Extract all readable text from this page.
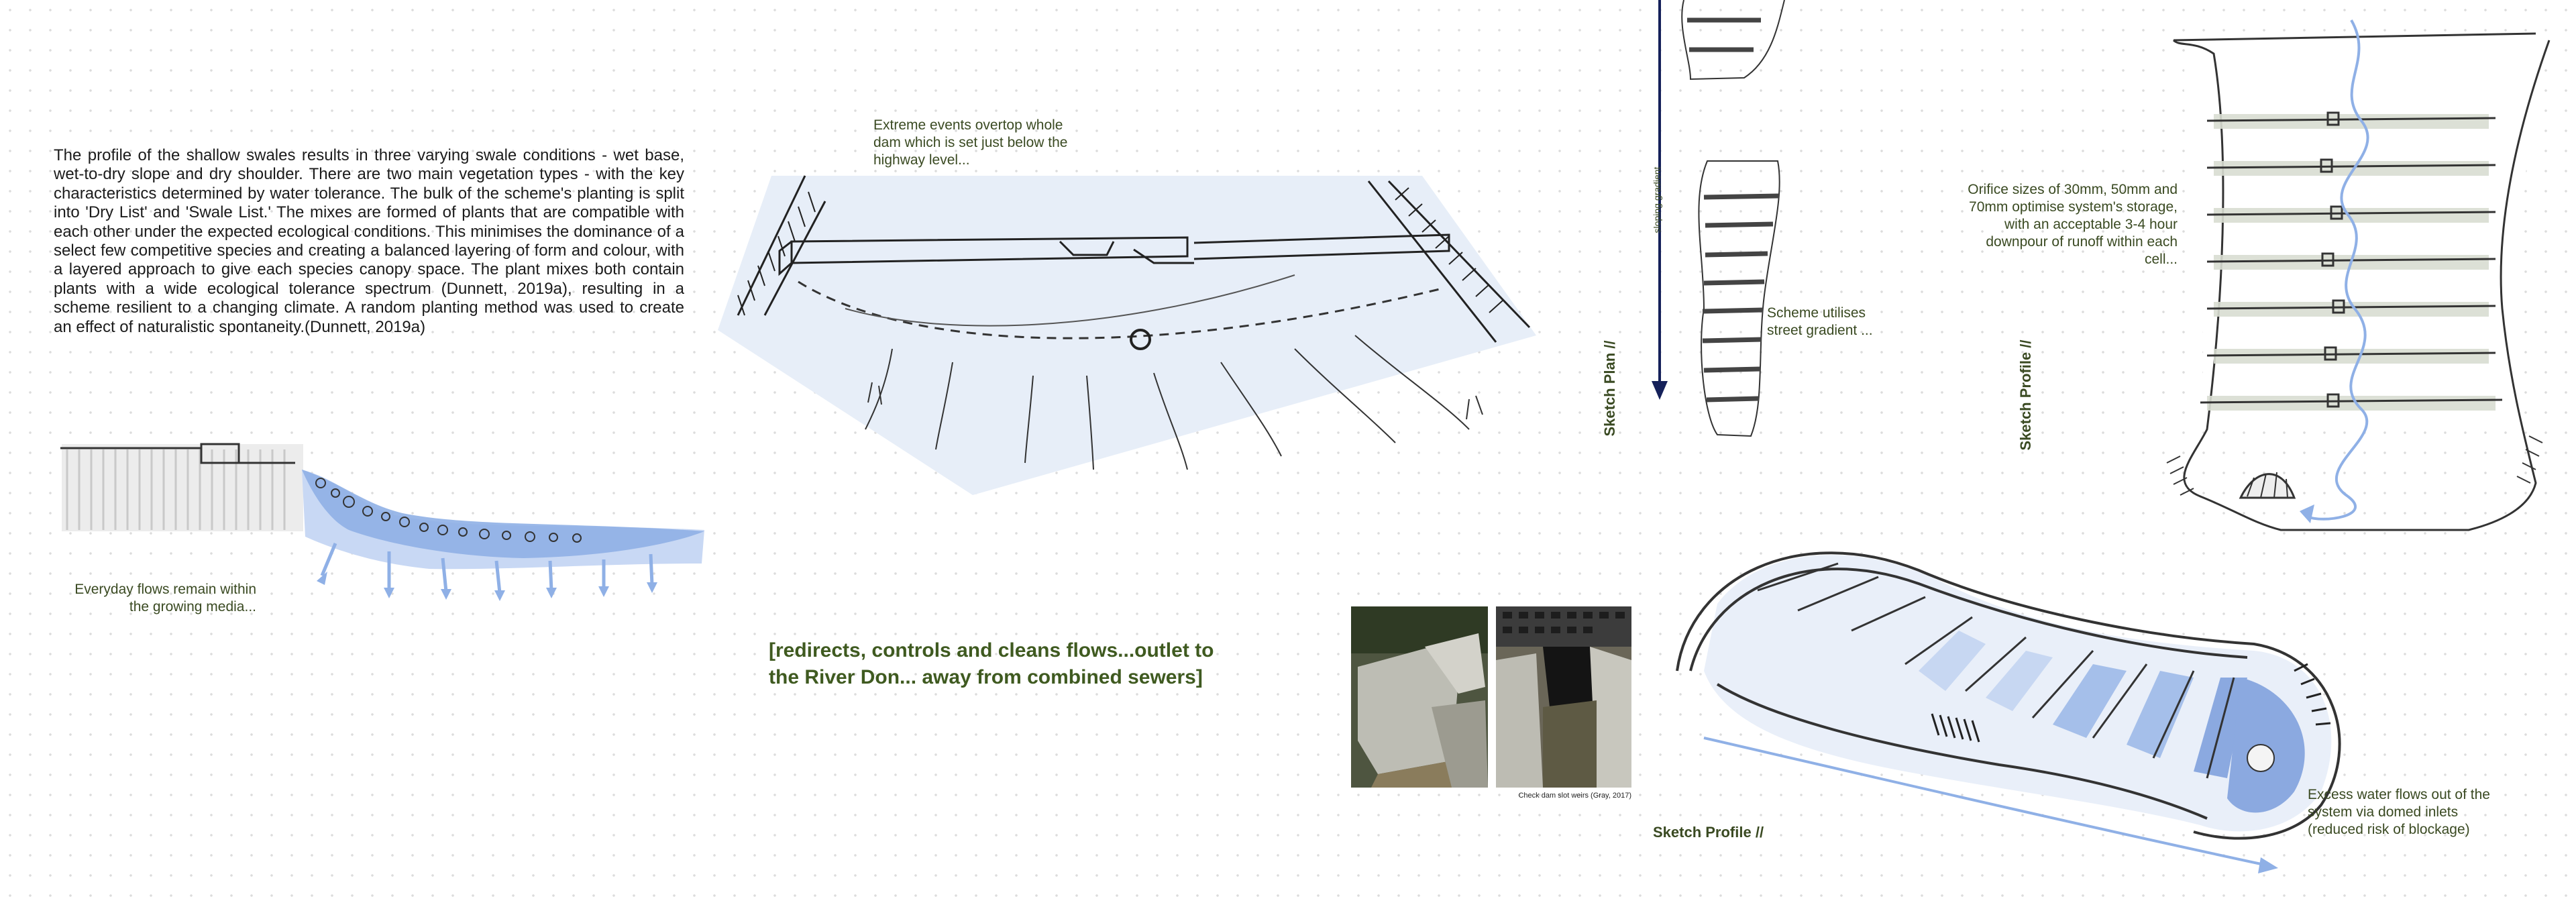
The profile of the shallow swales results in three varying swale conditions - wet base, wet-to-dry slope and dry shoulder. There are two main vegetation types - with the key characteristics determined by water tolerance. The bulk of the scheme's planting is split into 'Dry List' and 'Swale List.' The mixes are formed of plants that are compatible with each other under the expected ecological conditions. This minimises the dominance of a select few competitive species and creating a balanced layering of form and colour, with a layered approach to give each species canopy space. The plant mixes both contain plants with a wide ecological tolerance spectrum (Dunnett, 2019a), resulting in a scheme resilient to a changing climate. A random planting method was used to create an effect of naturalistic spontaneity.(Dunnett, 2019a)
Everyday flows remain within the growing media...
Extreme events overtop whole dam which is set just below the highway level...
[redirects, controls and cleans flows...outlet to the River Don... away from combined sewers]
Check dam slot weirs (Gray, 2017)
sloping gradient
Sketch Plan //
Scheme utilises street gradient ...
Orifice sizes of 30mm, 50mm and 70mm optimise system's storage, with an acceptable 3-4 hour downpour of runoff within each cell...
Sketch Profile //
Excess water flows out of the system via domed inlets (reduced risk of blockage)
Sketch Profile //
